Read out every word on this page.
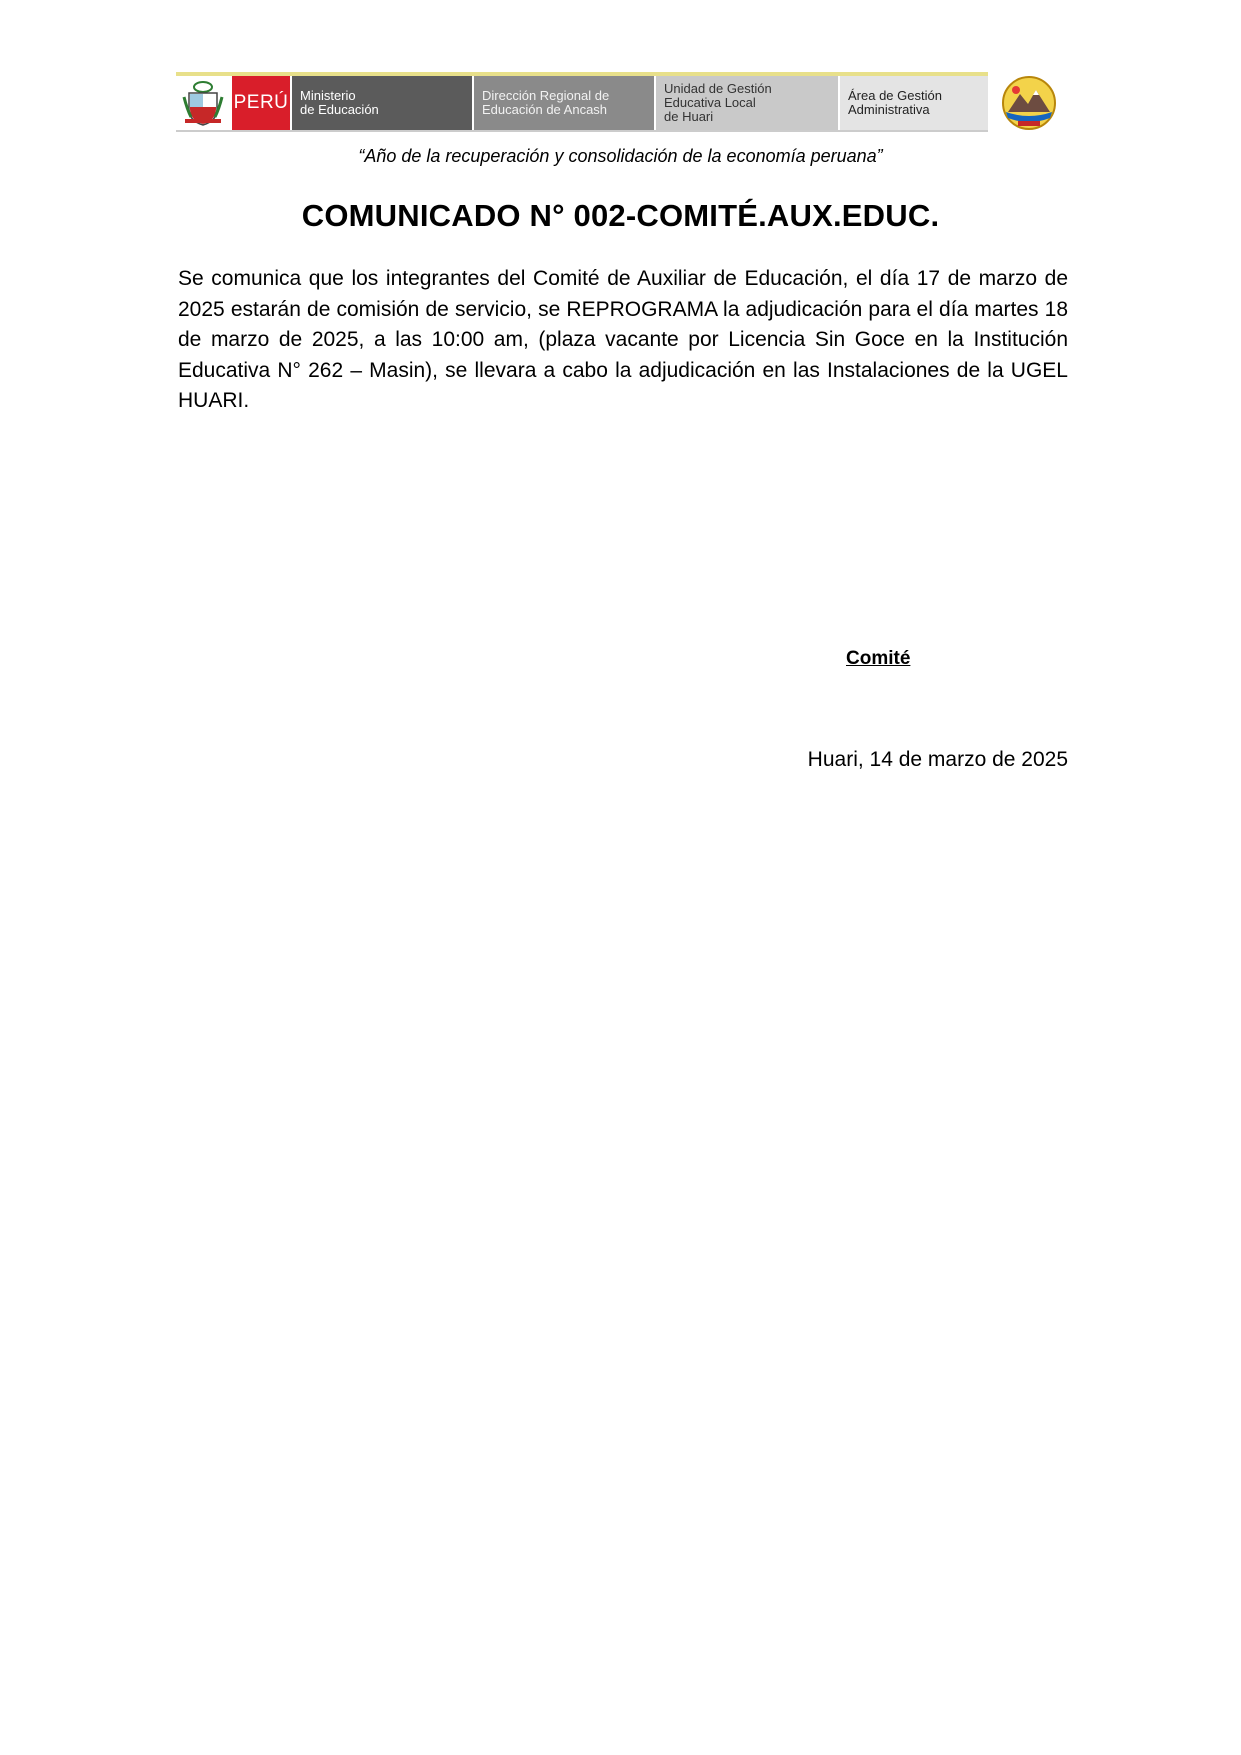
PERÚ Ministerio
de Educación
Dirección Regional de
Educación de Ancash
Unidad de Gestión
Educativa Local
de Huari
Área de Gestión
Administrativa
“Año de la recuperación y consolidación de la economía peruana”
COMUNICADO N° 002-COMITÉ.AUX.EDUC.

Se comunica que los integrantes del Comité de Auxiliar de Educación, el día 17 de marzo de 2025 estarán de comisión de servicio, se REPROGRAMA la adjudicación para el día martes 18 de marzo de 2025, a las 10:00 am, (plaza vacante por Licencia Sin Goce en la Institución Educativa N° 262 – Masin), se llevara a cabo la adjudicación en las Instalaciones de la UGEL HUARI.

Comité
Huari, 14 de marzo de 2025
